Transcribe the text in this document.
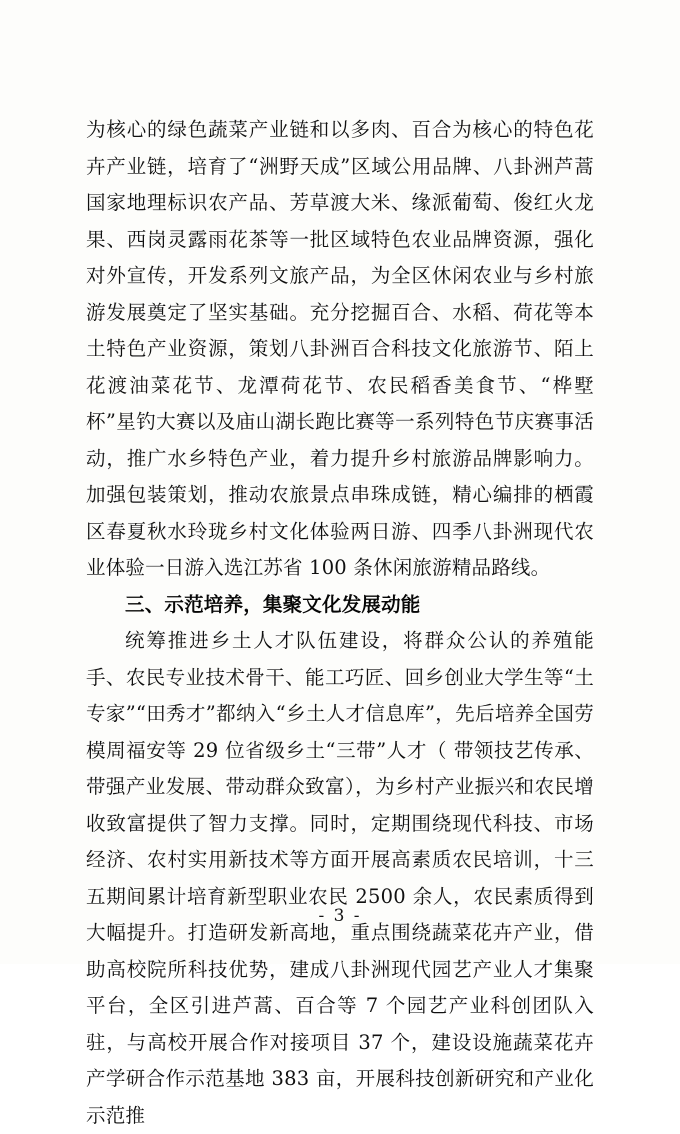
为核心的绿色蔬菜产业链和以多肉、百合为核心的特色花卉产业链，培育了“洲野天成”区域公用品牌、八卦洲芦蒿国家地理标识农产品、芳草渡大米、缘派葡萄、俊红火龙果、西岗灵露雨花茶等一批区域特色农业品牌资源，强化对外宣传，开发系列文旅产品，为全区休闲农业与乡村旅游发展奠定了坚实基础。充分挖掘百合、水稻、荷花等本土特色产业资源，策划八卦洲百合科技文化旅游节、陌上花渡油菜花节、龙潭荷花节、农民稻香美食节、“桦墅杯”星钓大赛以及庙山湖长跑比赛等一系列特色节庆赛事活动，推广水乡特色产业，着力提升乡村旅游品牌影响力。加强包装策划，推动农旅景点串珠成链，精心编排的栖霞区春夏秋水玲珑乡村文化体验两日游、四季八卦洲现代农业体验一日游入选江苏省 100 条休闲旅游精品路线。

三、示范培养，集聚文化发展动能

统筹推进乡土人才队伍建设，将群众公认的养殖能手、农民专业技术骨干、能工巧匠、回乡创业大学生等“土专家”“田秀才”都纳入“乡土人才信息库”，先后培养全国劳模周福安等 29 位省级乡土“三带”人才（ 带领技艺传承、带强产业发展、带动群众致富），为乡村产业振兴和农民增收致富提供了智力支撑。同时，定期围绕现代科技、市场经济、农村实用新技术等方面开展高素质农民培训，十三五期间累计培育新型职业农民 2500 余人，农民素质得到大幅提升。打造研发新高地，重点围绕蔬菜花卉产业，借助高校院所科技优势，建成八卦洲现代园艺产业人才集聚平台，全区引进芦蒿、百合等 7 个园艺产业科创团队入驻，与高校开展合作对接项目 37 个，建设设施蔬菜花卉产学研合作示范基地 383 亩，开展科技创新研究和产业化示范推

- 3 -
